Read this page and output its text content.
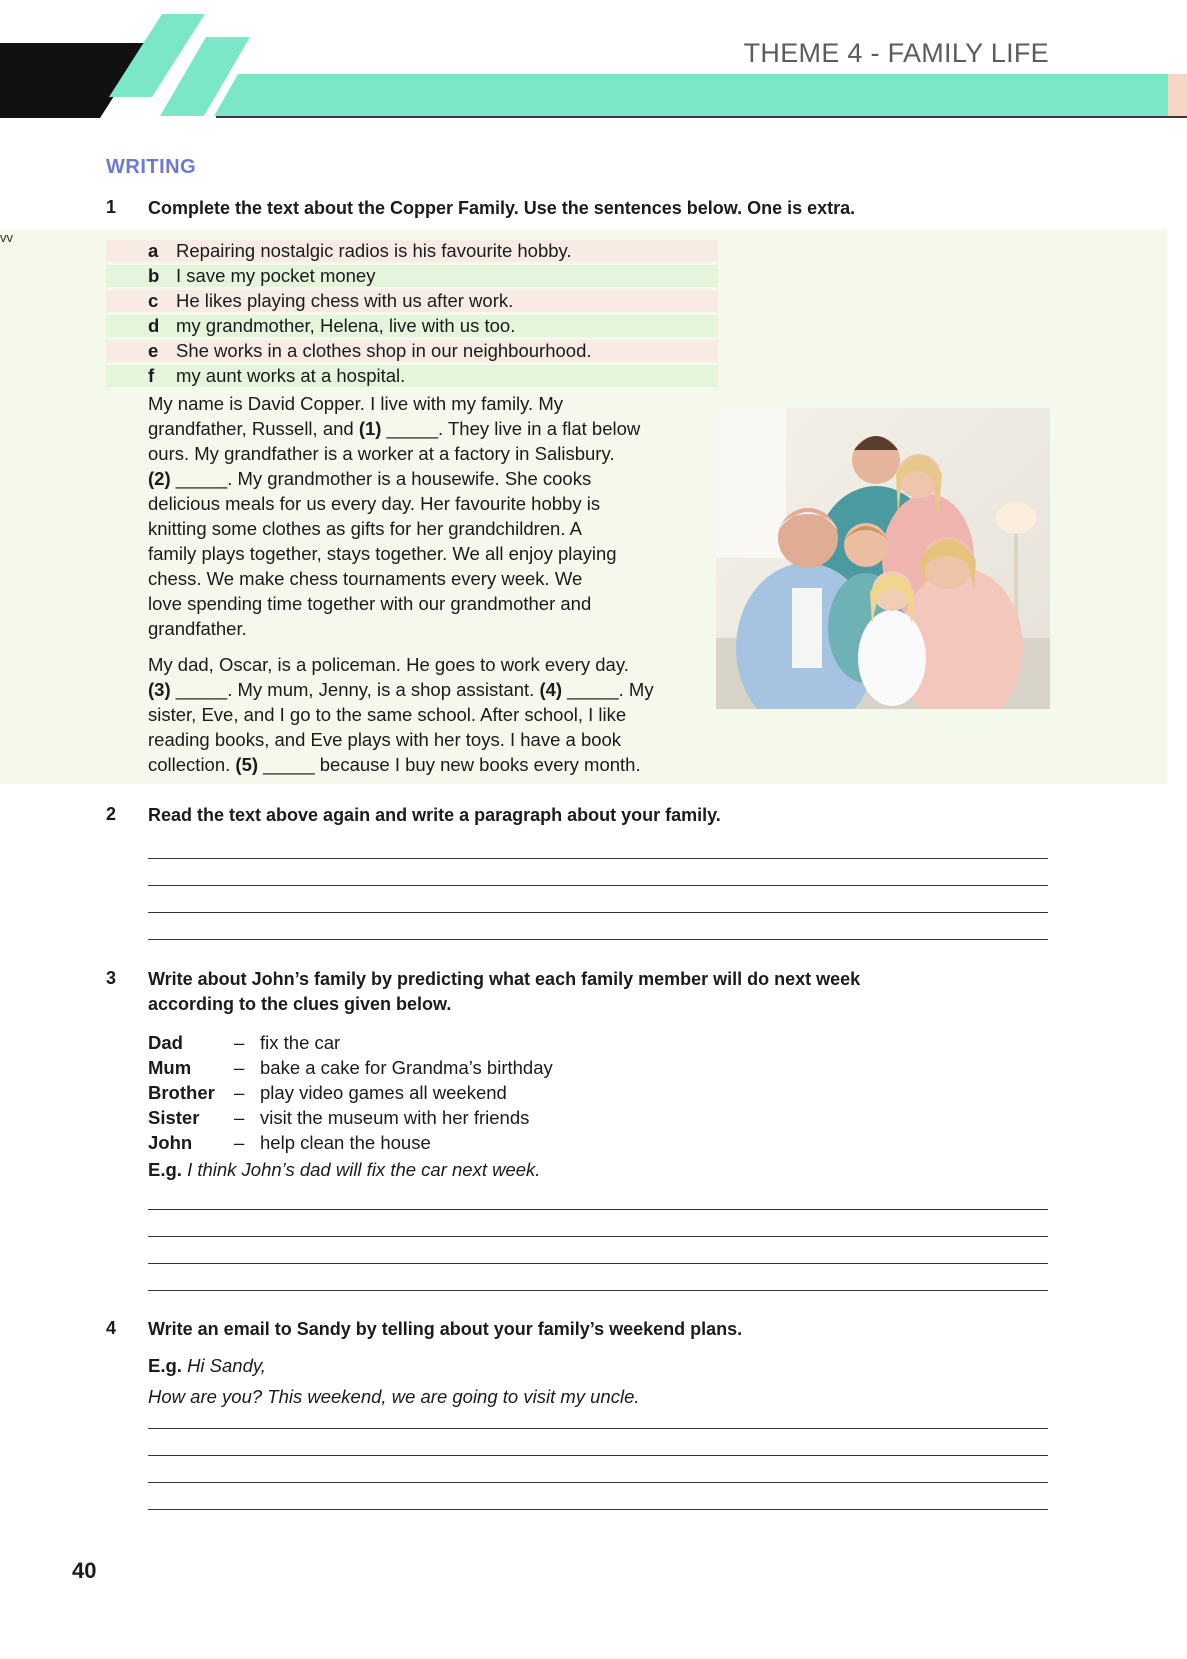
THEME 4 - FAMILY LIFE
WRITING
1 Complete the text about the Copper Family. Use the sentences below. One is extra.
vv
a Repairing nostalgic radios is his favourite hobby.
b I save my pocket money
c He likes playing chess with us after work.
d my grandmother, Helena, live with us too.
e She works in a clothes shop in our neighbourhood.
f	my aunt works at a hospital.
My name is David Copper. I live with my family. My
grandfather, Russell, and (1) _____. They live in a flat below
ours. My grandfather is a worker at a factory in Salisbury.
(2) _____. My grandmother is a housewife. She cooks
delicious meals for us every day. Her favourite hobby is
knitting some clothes as gifts for her grandchildren. A
family plays together, stays together. We all enjoy playing
chess. We make chess tournaments every week. We
love spending time together with our grandmother and
grandfather.
My dad, Oscar, is a policeman. He goes to work every day.
(3) _____. My mum, Jenny, is a shop assistant. (4) _____. My
sister, Eve, and I go to the same school. After school, I like
reading books, and Eve plays with her toys. I have a book
collection. (5) _____ because I buy new books every month.
2 Read the text above again and write a paragraph about your family.
3 Write about John’s family by predicting what each family member will do next week
according to the clues given below.
Dad	– fix the car
Mum	– bake a cake for Grandma’s birthday
Brother	– play video games all weekend
Sister	– visit the museum with her friends
John	– help clean the house
E.g. I think John’s dad will fix the car next week.
4 Write an email to Sandy by telling about your family’s weekend plans.
E.g. Hi Sandy,
How are you? This weekend, we are going to visit my uncle.
40
